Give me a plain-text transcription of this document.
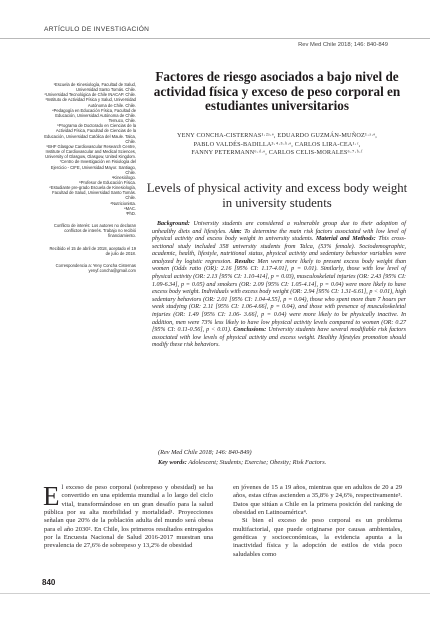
ARTÍCULO DE INVESTIGACIÓN
Rev Med Chile 2018; 146: 840-849

¹Escuela de Kinesiología, Facultad de Salud, Universidad Santo Tomás. Chile.

²Universidad Tecnológica de Chile INACAP. Chile.

³Instituto de Actividad Física y Salud, Universidad Autónoma de Chile. Chile.

⁴Pedagogía en Educación Física, Facultad de Educación, Universidad Autónoma de Chile. Temuco, Chile.

⁵Programa de Doctorado en Ciencias de la Actividad Física, Facultad de Ciencias de la Educación, Universidad Católica del Maule. Talca, Chile.

⁶BHF Glasgow Cardiovascular Research Centre, Institute of Cardiovascular and Medical Sciences, University of Glasgow, Glasgow, United Kingdom.

⁷Centro de Investigación en Fisiología del Ejercicio - CIFE, Universidad Mayor. Santiago, Chile.

ᵃKinesiólogo.

ᵇProfesor de Educación Física.

ᶜEstudiante pre-grado Escuela de Kinesiología, Facultad de Salud, Universidad Santo Tomás. Chile.

ᵈNutricionista.

ᵉMAC.

ᶠPhD.

Conflicto de interés: Los autores no declaran conflictos de interés. Trabajo no recibió financiamiento.

Recibido el 15 de abril de 2018, aceptado el 19 de julio de 2018.

Correspondencia a: Yeny Concha Cisternas yenyf.concha@gmail.com

Factores de riesgo asociados a bajo nivel de actividad física y exceso de peso corporal en estudiantes universitarios
YENY CONCHA-CISTERNAS¹·²ᵃ·ᵉ, EDUARDO GUZMÁN-MUÑOZ¹·ᵃ·ᵉ,
PABLO VALDÉS-BADILLA³·⁴·⁵·ᵇ·ᵉ, CARLOS LIRA-CEA¹·ᶜ,
FANNY PETERMANN⁶·ᵈ·ᵉ, CARLOS CELIS-MORALES⁶·⁷·ᵇ·ᶠ
Levels of physical activity and excess body weight in university students
Background: University students are considered a vulnerable group due to their adoption of unhealthy diets and lifestyles. Aim: To determine the main risk factors associated with low level of physical activity and excess body weight in university students. Material and Methods: This cross-sectional study included 358 university students from Talca, (53% female). Sociodemographic, academic, health, lifestyle, nutritional status, physical activity and sedentary behavior variables were analyzed by logistic regression. Results: Men were more likely to present excess body weight than women (Odds ratio (OR): 2.16 [95% CI: 1.17-4.01], p = 0.01). Similarly, those with low level of physical activity (OR: 2.13 [95% CI: 1.10-414], p = 0.03), musculoskeletal injuries (OR: 2.43 [95% CI: 1.09-6.34], p = 0.05) and smokers (OR: 2.09 [95% CI: 1.05-4.14], p = 0.04) were more likely to have excess body weight. Individuals with excess body weight (OR: 2.94 [95% CI: 1.31-6.61], p < 0.01), high sedentary behaviors (OR: 2.01 [95% CI: 1.04-4.55], p = 0.04), those who spent more than 7 hours per week studying (OR: 2.11 [95% CI: 1.06-4.66], p = 0.04), and those with presence of musculoskeletal injuries (OR: 1.49 [95% CI: 1.06- 3.66], p = 0.04) were more likely to be physically inactive. In addition, men were 73% less likely to have low physical activity levels compared to women (OR: 0.27 [95% CI: 0.11-0.56], p < 0.01). Conclusions: University students have several modifiable risk factors associated with low levels of physical activity and excess weight. Healthy lifestyles promotion should modify these risk behaviors.
(Rev Med Chile 2018; 146: 840-849)
Key words: Adolescent; Students; Exercise; Obesity; Risk Factors.

El exceso de peso corporal (sobrepeso y obesidad) se ha convertido en una epidemia mundial a lo largo del ciclo vital, transformándose en un gran desafío para la salud pública por su alta morbilidad y mortalidad¹. Proyecciones señalan que 20% de la población adulta del mundo será obesa para el año 2030². En Chile, los primeros resultados entregados por la Encuesta Nacional de Salud 2016-2017 muestran una prevalencia de 27,6% de sobrepeso y 13,2% de obesidad

en jóvenes de 15 a 19 años, mientras que en adultos de 20 a 29 años, estas cifras ascienden a 35,8% y 24,6%, respectivamente³. Datos que sitúan a Chile en la primera posición del ranking de obesidad en Latinoamérica⁴.

Si bien el exceso de peso corporal es un problema multifactorial, que puede originarse por causas ambientales, genéticas y socioeconómicas, la evidencia apunta a la inactividad física y la adopción de estilos de vida poco saludables como

840
